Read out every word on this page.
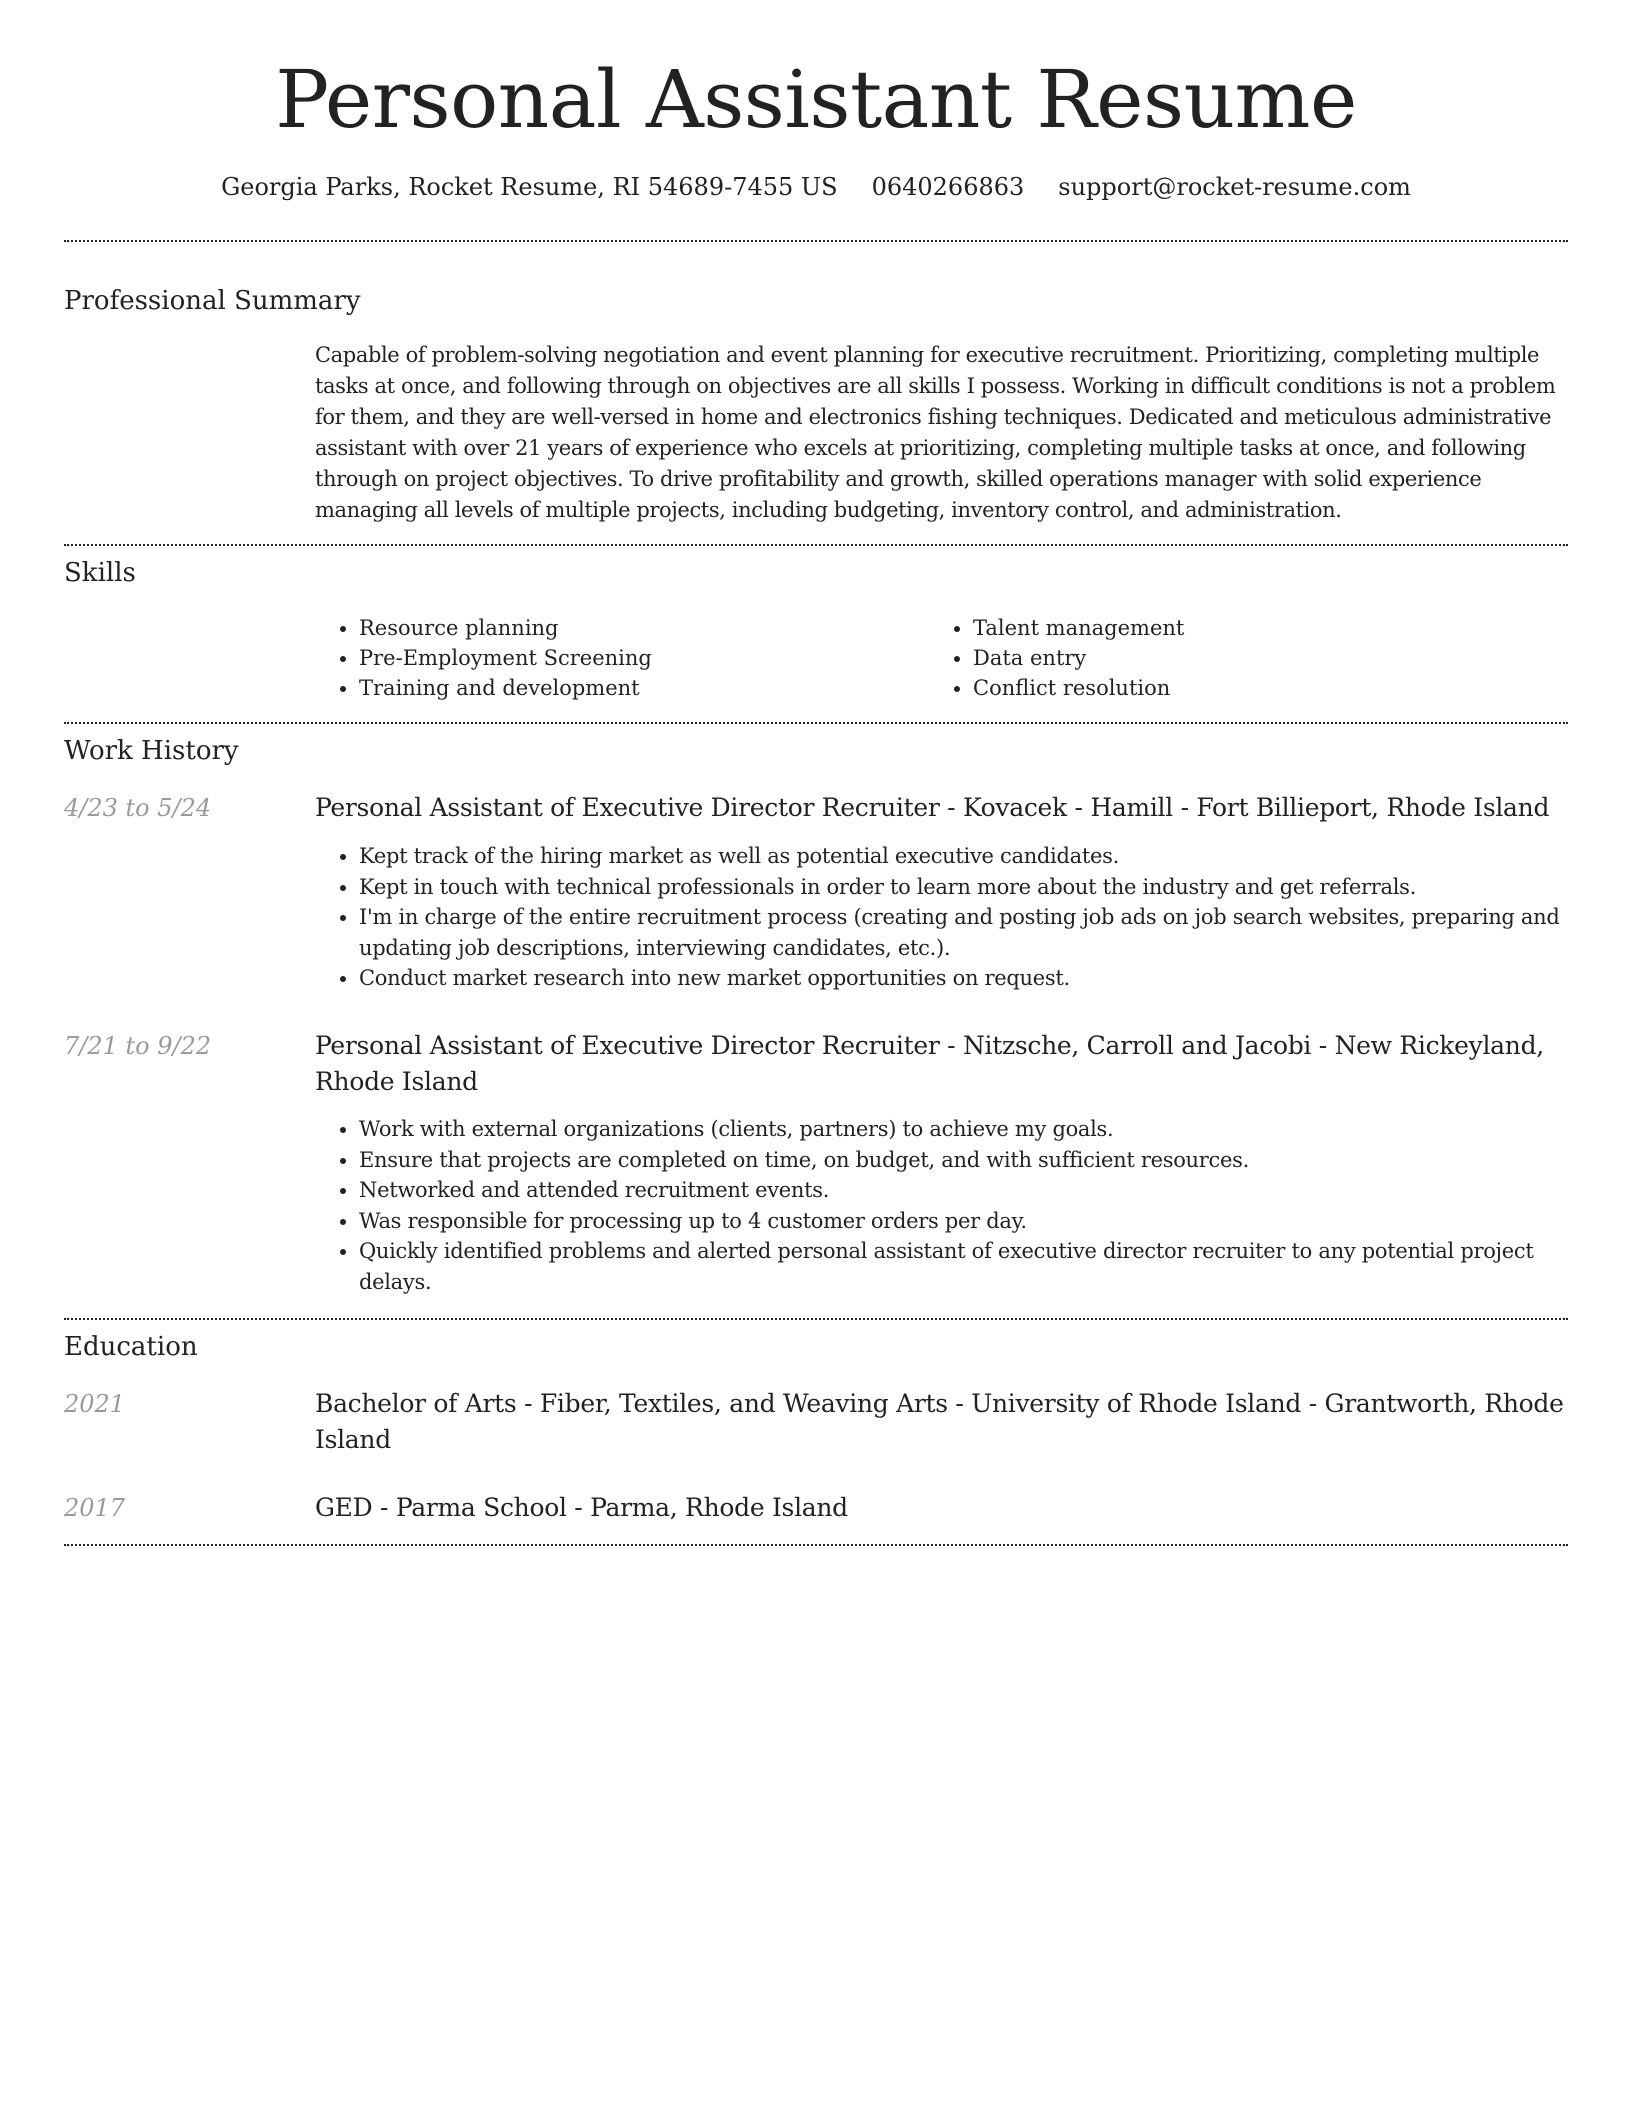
Personal Assistant Resume
Georgia Parks, Rocket Resume, RI 54689-7455 US 0640266863 support@rocket-resume.com
Professional Summary

Capable of problem-solving negotiation and event planning for executive recruitment. Prioritizing, completing multiple tasks at once, and following through on objectives are all skills I possess. Working in difficult conditions is not a problem for them, and they are well-versed in home and electronics fishing techniques. Dedicated and meticulous administrative assistant with over 21 years of experience who excels at prioritizing, completing multiple tasks at once, and following through on project objectives. To drive profitability and growth, skilled operations manager with solid experience managing all levels of multiple projects, including budgeting, inventory control, and administration.

Skills
• Resource planning
• Pre-Employment Screening
• Training and development
• Talent management
• Data entry
• Conflict resolution
Work History
4/23 to 5/24	Personal Assistant of Executive Director Recruiter - Kovacek - Hamill - Fort Billieport, Rhode Island
• Kept track of the hiring market as well as potential executive candidates.
• Kept in touch with technical professionals in order to learn more about the industry and get referrals.
• I'm in charge of the entire recruitment process (creating and posting job ads on job search websites, preparing and updating job descriptions, interviewing candidates, etc.).
• Conduct market research into new market opportunities on request.
7/21 to 9/22	Personal Assistant of Executive Director Recruiter - Nitzsche, Carroll and Jacobi - New Rickeyland, Rhode Island
• Work with external organizations (clients, partners) to achieve my goals.
• Ensure that projects are completed on time, on budget, and with sufficient resources.
• Networked and attended recruitment events.
• Was responsible for processing up to 4 customer orders per day.
• Quickly identified problems and alerted personal assistant of executive director recruiter to any potential project delays.
Education
2021	Bachelor of Arts - Fiber, Textiles, and Weaving Arts - University of Rhode Island - Grantworth, Rhode Island
2017	GED - Parma School - Parma, Rhode Island
